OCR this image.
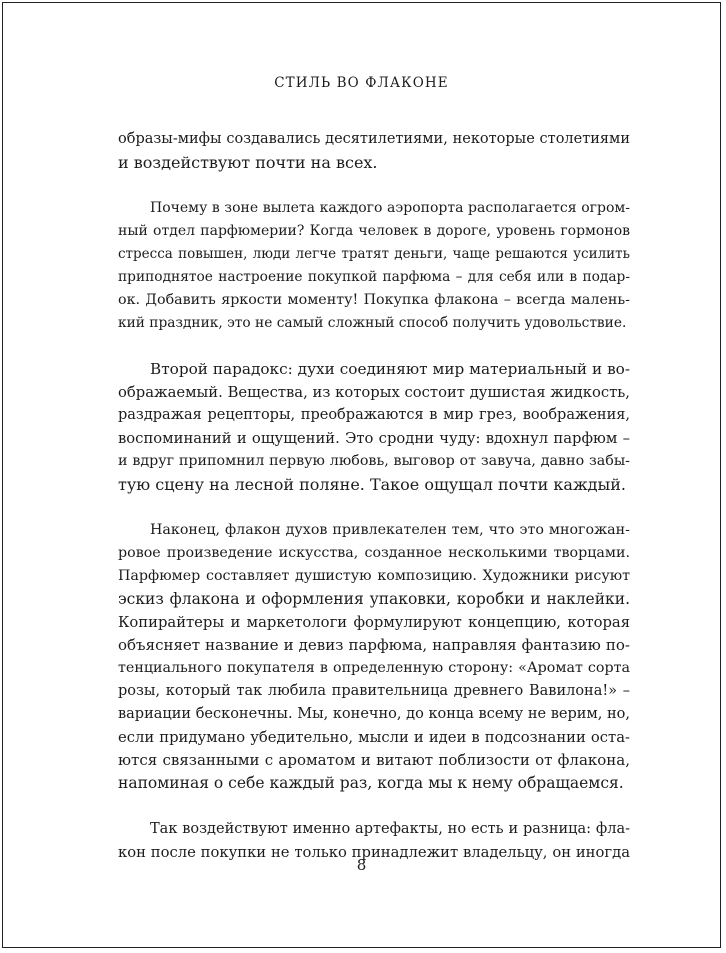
СТИЛЬ ВО ФЛАКОНЕ
образы-мифы создавались десятилетиями, некоторые столетиями
и воздействуют почти на всех.
Почему в зоне вылета каждого аэропорта располагается огром-
ный отдел парфюмерии? Когда человек в дороге, уровень гормонов
стресса повышен, люди легче тратят деньги, чаще решаются усилить
приподнятое настроение покупкой парфюма – для себя или в подар-
ок. Добавить яркости моменту! Покупка флакона – всегда малень-
кий праздник, это не самый сложный способ получить удовольствие.
Второй парадокс: духи соединяют мир материальный и во-
ображаемый. Вещества, из которых состоит душистая жидкость,
раздражая рецепторы, преображаются в мир грез, воображения,
воспоминаний и ощущений. Это сродни чуду: вдохнул парфюм –
и вдруг припомнил первую любовь, выговор от завуча, давно забы-
тую сцену на лесной поляне. Такое ощущал почти каждый.
Наконец, флакон духов привлекателен тем, что это многожан-
ровое произведение искусства, созданное несколькими творцами.
Парфюмер составляет душистую композицию. Художники рисуют
эскиз флакона и оформления упаковки, коробки и наклейки.
Копирайтеры и маркетологи формулируют концепцию, которая
объясняет название и девиз парфюма, направляя фантазию по-
тенциального покупателя в определенную сторону: «Аромат сорта
розы, который так любила правительница древнего Вавилона!» –
вариации бесконечны. Мы, конечно, до конца всему не верим, но,
если придумано убедительно, мысли и идеи в подсознании оста-
ются связанными с ароматом и витают поблизости от флакона,
напоминая о себе каждый раз, когда мы к нему обращаемся.
Так воздействуют именно артефакты, но есть и разница: фла-
кон после покупки не только принадлежит владельцу, он иногда
8
